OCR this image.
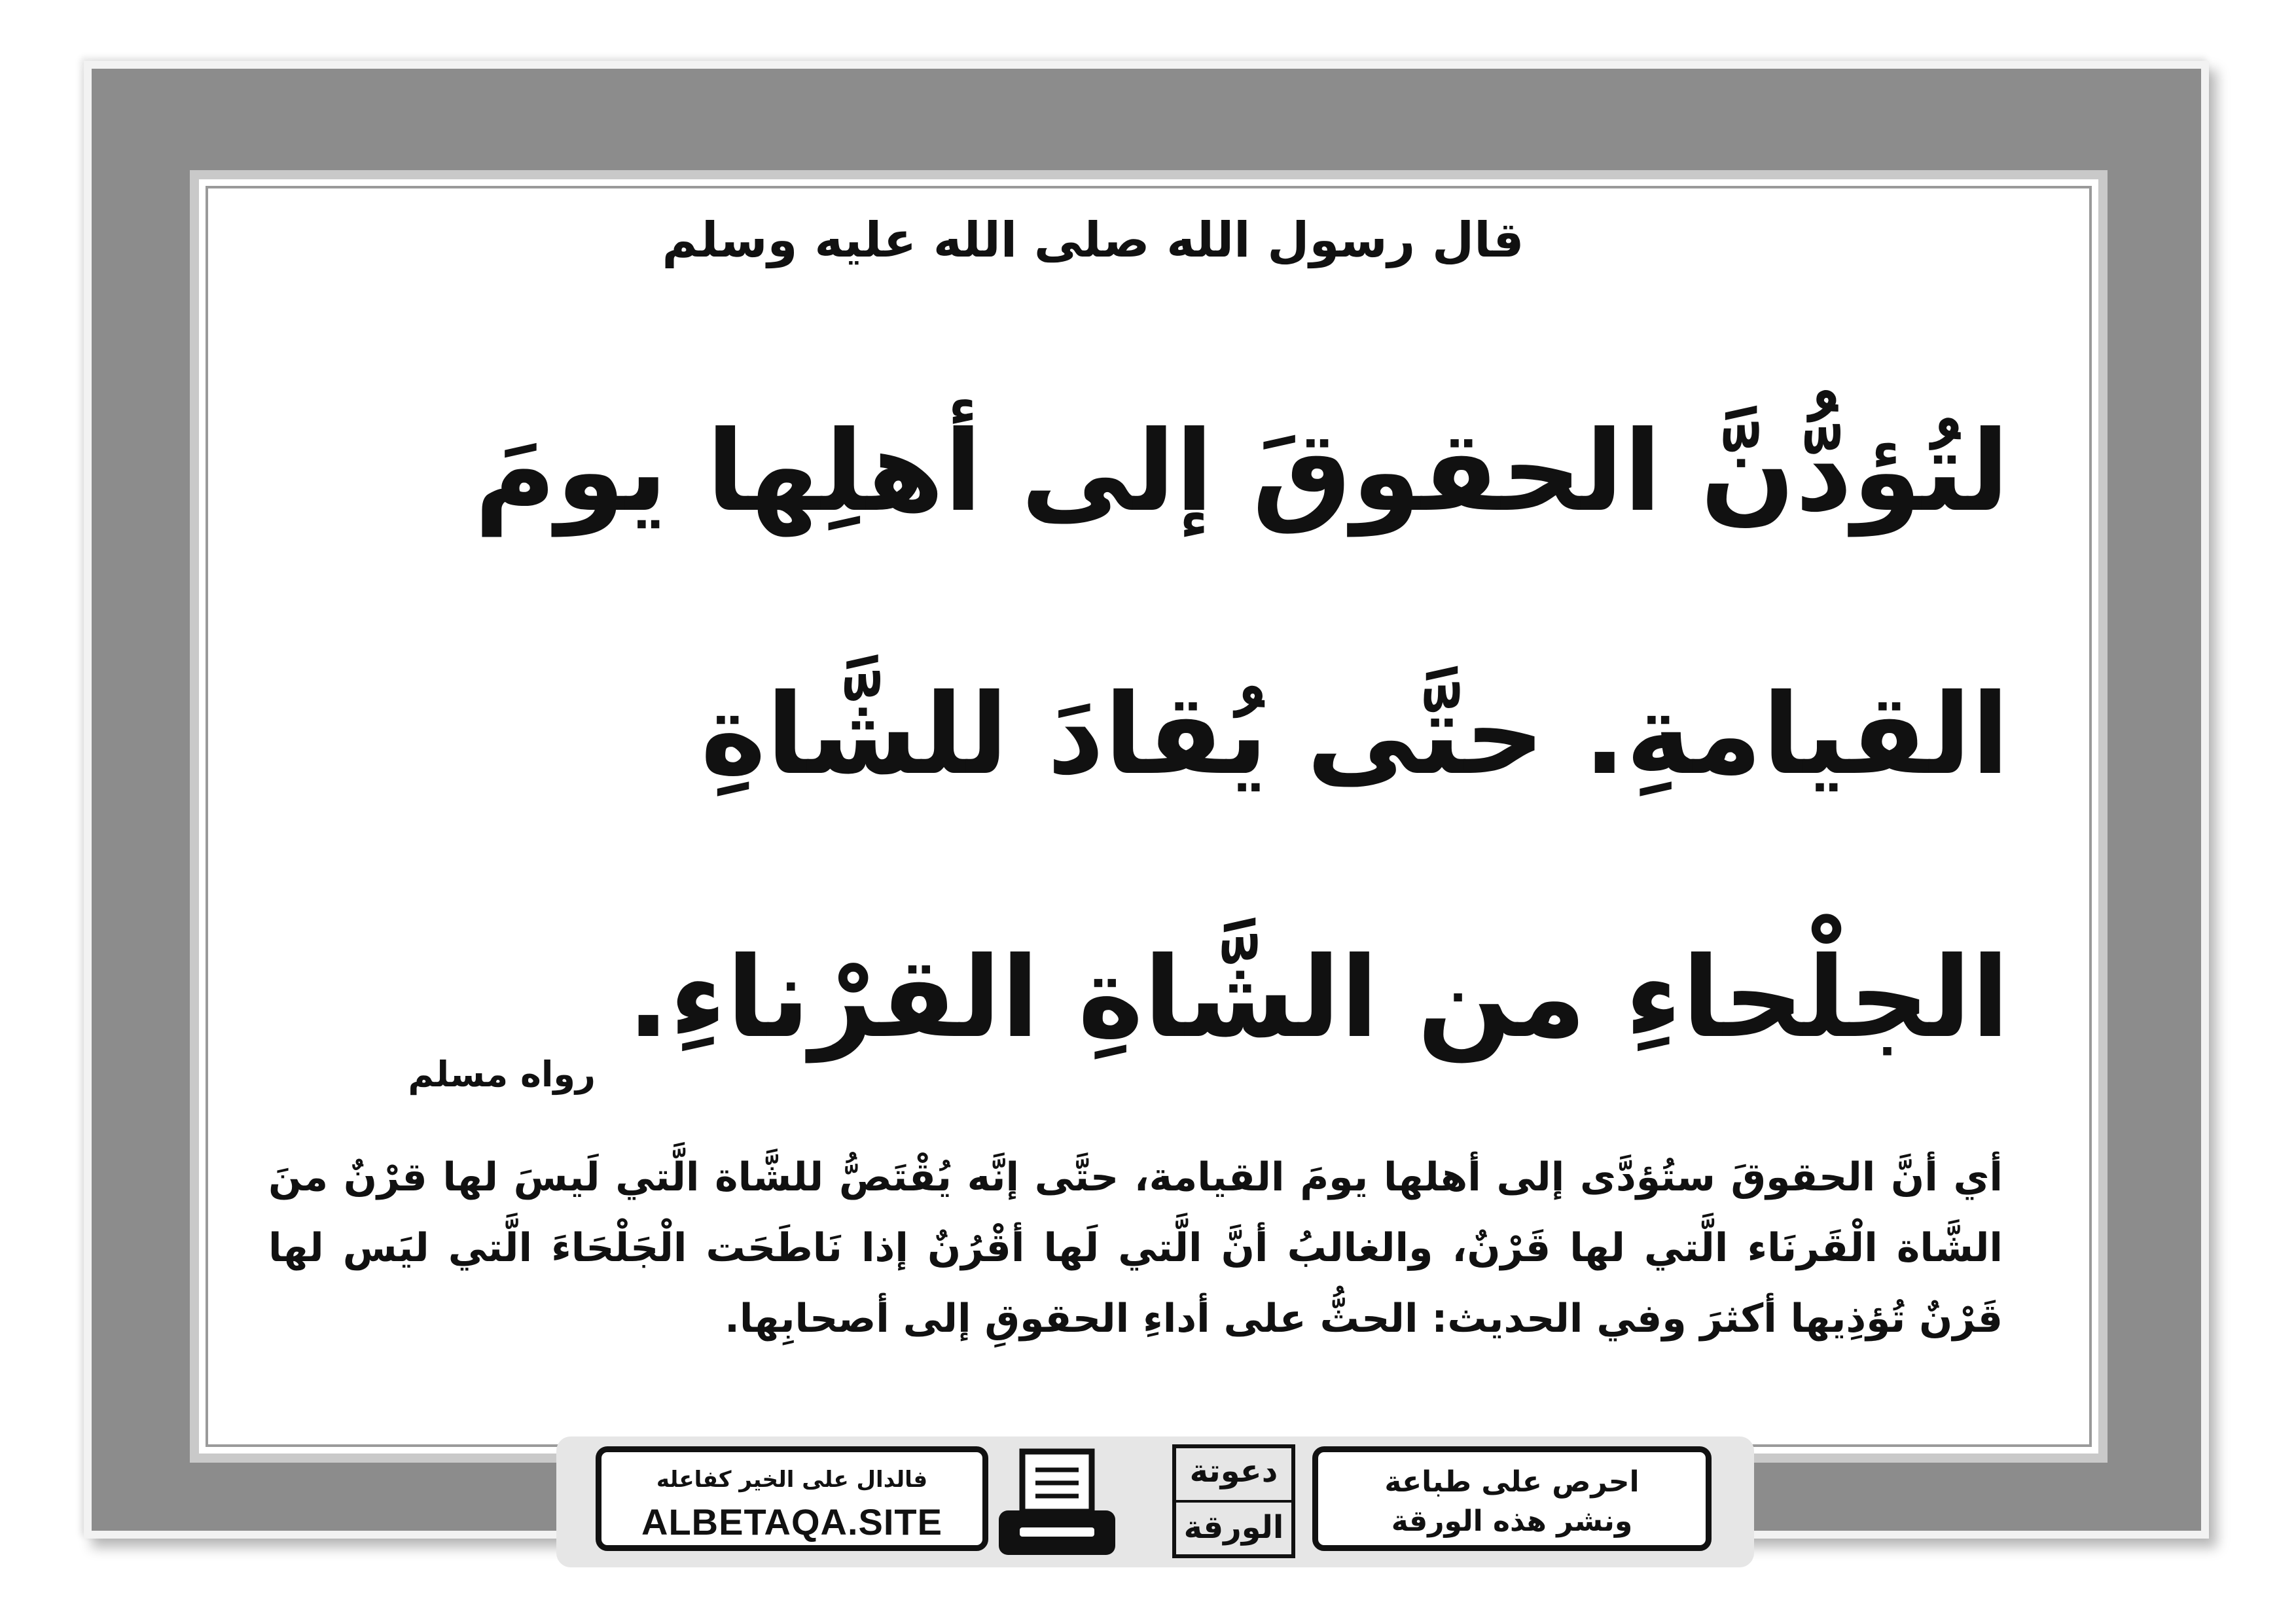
قال رسول الله صلى الله عليه وسلم
لتُؤدُّنَّ الحقوقَ إلى أهلِها يومَ القيامةِ. حتَّى يُقادَ للشَّاةِ الجلْحاءِ من الشَّاةِ القرْناءِ.
رواه مسلم
أي أنَّ الحقوقَ ستُؤدَّى إلى أهلها يومَ القيامة، حتَّى إنَّه يُقْتَصُّ للشَّاة الَّتي لَيسَ لها قرْنٌ منَ الشَّاة الْقَرنَاء الَّتي لها قَرْنٌ، والغالبُ أنَّ الَّتي لَها أقْرُنٌ إذا نَاطَحَت الْجَلْحَاءَ الَّتي ليَس لها قَرْنٌ تُؤذِيها أكثرَ وفي الحديث: الحثُّ على أداءِ الحقوقِ إلى أصحابِها.
فالدال على الخير كفاعله
ALBETAQA.SITE
دعوتة
الورقة
احرص على طباعة
ونشر هذه الورقة
